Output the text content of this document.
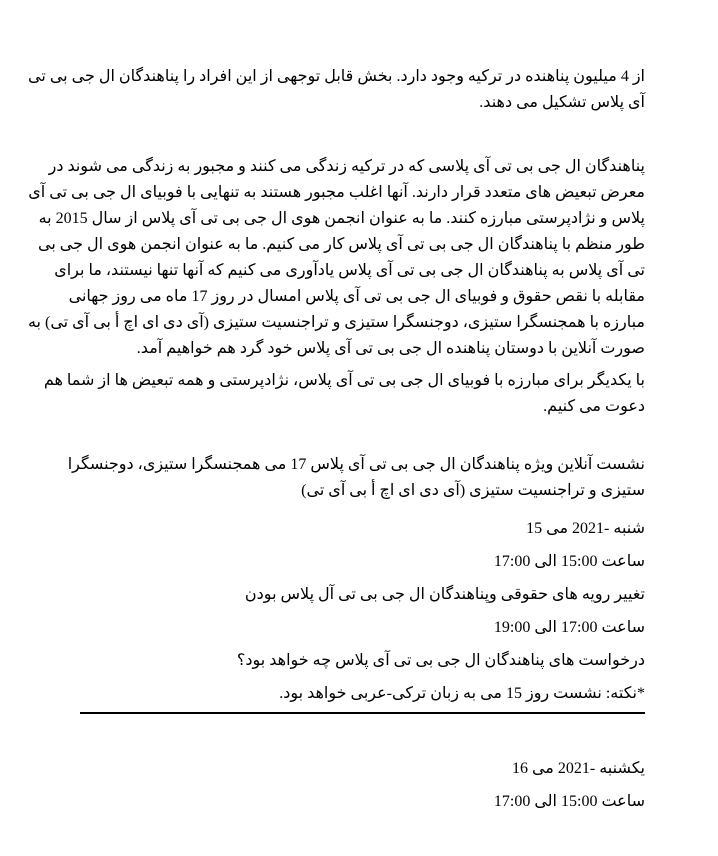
از 4 میلیون پناهنده در ترکیه وجود دارد. بخش قابل توجهی از این افراد را پناهندگان ال جی بی تی آی پلاس تشکیل می دهند.

پناهندگان ال جی بی تی آی پلاسی که در ترکیه زندگی می کنند و مجبور به زندگی می شوند در معرض تبعیض های متعدد قرار دارند. آنها اغلب مجبور هستند به تنهایی با فوبیای ال جی بی تی آی پلاس و نژادپرستی مبارزه کنند. ما به عنوان انجمن هوی ال جی بی تی آی پلاس از سال 2015 به طور منظم با پناهندگان ال جی بی تی آی پلاس کار می کنیم. ما به عنوان انجمن هوی ال جی بی تی آی پلاس به پناهندگان ال جی بی تی آی پلاس یادآوری می کنیم که آنها تنها نیستند، ما برای مقابله با نقص حقوق و فوبیای ال جی بی تی آی پلاس امسال در روز 17 ماه می روز جهانی مبارزه با همجنسگرا ستیزی، دوجنسگرا ستیزی و تراجنسیت ستیزی (آی دی ای اچ أ بی آی تی) به صورت آنلاین با دوستان پناهنده ال جی بی تی آی پلاس خود گرد هم خواهیم آمد.

با یکدیگر برای مبارزه با فوبیای ال جی بی تی آی پلاس، نژادپرستی و همه تبعیض ها از شما هم دعوت می کنیم.

نشست آنلاین ویژه پناهندگان ال جی بی تی آی پلاس 17 می همجنسگرا ستیزی، دوجنسگرا ستیزی و تراجنسیت ستیزی (آی دی ای اچ أ بی آی تی)

شنبه -2021 می 15

ساعت 15:00 الی 17:00

تغییر رویه های حقوقی وپناهندگان ال جی بی تی آل پلاس بودن

ساعت 17:00 الی 19:00

درخواست های پناهندگان ال جی بی تی آی پلاس چه خواهد بود؟

*نکته: نشست روز 15 می به زبان ترکی-عربی خواهد بود.

یکشنبه -2021 می 16

ساعت 15:00 الی 17:00
